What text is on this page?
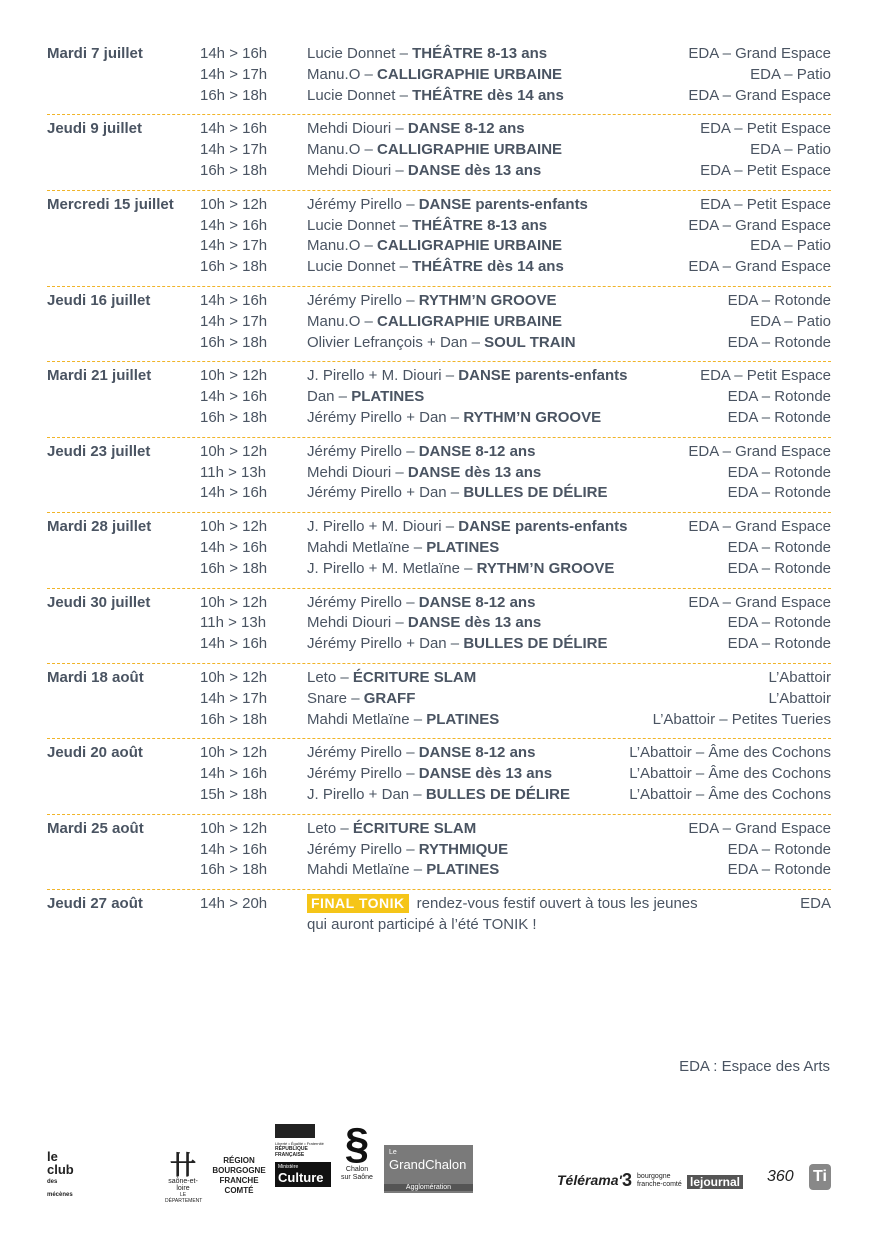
Mardi 7 juillet	14h > 16h	Lucie Donnet – THÉÂTRE 8-13 ans	EDA – Grand Espace
14h > 17h	Manu.O – CALLIGRAPHIE URBAINE	EDA – Patio
16h > 18h	Lucie Donnet – THÉÂTRE dès 14 ans	EDA – Grand Espace
Jeudi 9 juillet	14h > 16h	Mehdi Diouri – DANSE 8-12 ans	EDA – Petit Espace
14h > 17h	Manu.O – CALLIGRAPHIE URBAINE	EDA – Patio
16h > 18h	Mehdi Diouri – DANSE dès 13 ans	EDA – Petit Espace
Mercredi 15 juillet	10h > 12h	Jérémy Pirello – DANSE parents-enfants	EDA – Petit Espace
14h > 16h	Lucie Donnet – THÉÂTRE 8-13 ans	EDA – Grand Espace
14h > 17h	Manu.O – CALLIGRAPHIE URBAINE	EDA – Patio
16h > 18h	Lucie Donnet – THÉÂTRE dès 14 ans	EDA – Grand Espace
Jeudi 16 juillet	14h > 16h	Jérémy Pirello – RYTHM’N GROOVE	EDA – Rotonde
14h > 17h	Manu.O – CALLIGRAPHIE URBAINE	EDA – Patio
16h > 18h	Olivier Lefrançois + Dan – SOUL TRAIN	EDA – Rotonde
Mardi 21 juillet	10h > 12h	J. Pirello + M. Diouri – DANSE parents-enfants	EDA – Petit Espace
14h > 16h	Dan – PLATINES	EDA – Rotonde
16h > 18h	Jérémy Pirello + Dan – RYTHM’N GROOVE	EDA – Rotonde
Jeudi 23 juillet	10h > 12h	Jérémy Pirello – DANSE 8-12 ans	EDA – Grand Espace
11h > 13h	Mehdi Diouri – DANSE dès 13 ans	EDA – Rotonde
14h > 16h	Jérémy Pirello + Dan – BULLES DE DÉLIRE	EDA – Rotonde
Mardi 28 juillet	10h > 12h	J. Pirello + M. Diouri – DANSE parents-enfants	EDA – Grand Espace
14h > 16h	Mahdi Metlaïne – PLATINES	EDA – Rotonde
16h > 18h	J. Pirello + M. Metlaïne – RYTHM’N GROOVE	EDA – Rotonde
Jeudi 30 juillet	10h > 12h	Jérémy Pirello – DANSE 8-12 ans	EDA – Grand Espace
11h > 13h	Mehdi Diouri – DANSE dès 13 ans	EDA – Rotonde
14h > 16h	Jérémy Pirello + Dan – BULLES DE DÉLIRE	EDA – Rotonde
Mardi 18 août	10h > 12h	Leto – ÉCRITURE SLAM	L’Abattoir
14h > 17h	Snare – GRAFF	L’Abattoir
16h > 18h	Mahdi Metlaïne – PLATINES	L’Abattoir – Petites Tueries
Jeudi 20 août	10h > 12h	Jérémy Pirello – DANSE 8-12 ans	L’Abattoir – Âme des Cochons
14h > 16h	Jérémy Pirello – DANSE dès 13 ans	L’Abattoir – Âme des Cochons
15h > 18h	J. Pirello + Dan – BULLES DE DÉLIRE	L’Abattoir – Âme des Cochons
Mardi 25 août	10h > 12h	Leto – ÉCRITURE SLAM	EDA – Grand Espace
14h > 16h	Jérémy Pirello – RYTHMIQUE	EDA – Rotonde
16h > 18h	Mahdi Metlaïne – PLATINES	EDA – Rotonde
Jeudi 27 août	14h > 20h	FINAL TONIK rendez-vous festif ouvert à tous les jeunes	EDA
qui auront participé à l’été TONIK !
EDA : Espace des Arts
le
club
des mécènes
卄
saône-et-loire
LE DÉPARTEMENT
RÉGION
BOURGOGNE
FRANCHE
COMTÉ
Liberté • Égalité • Fraternité
RÉPUBLIQUE FRANÇAISE
Ministère
Culture
§
Chalon
sur Saône
Le
GrandChalon
Agglomération	Télérama' 3 bourgogne
franche-comté lejournal 360 Ti
